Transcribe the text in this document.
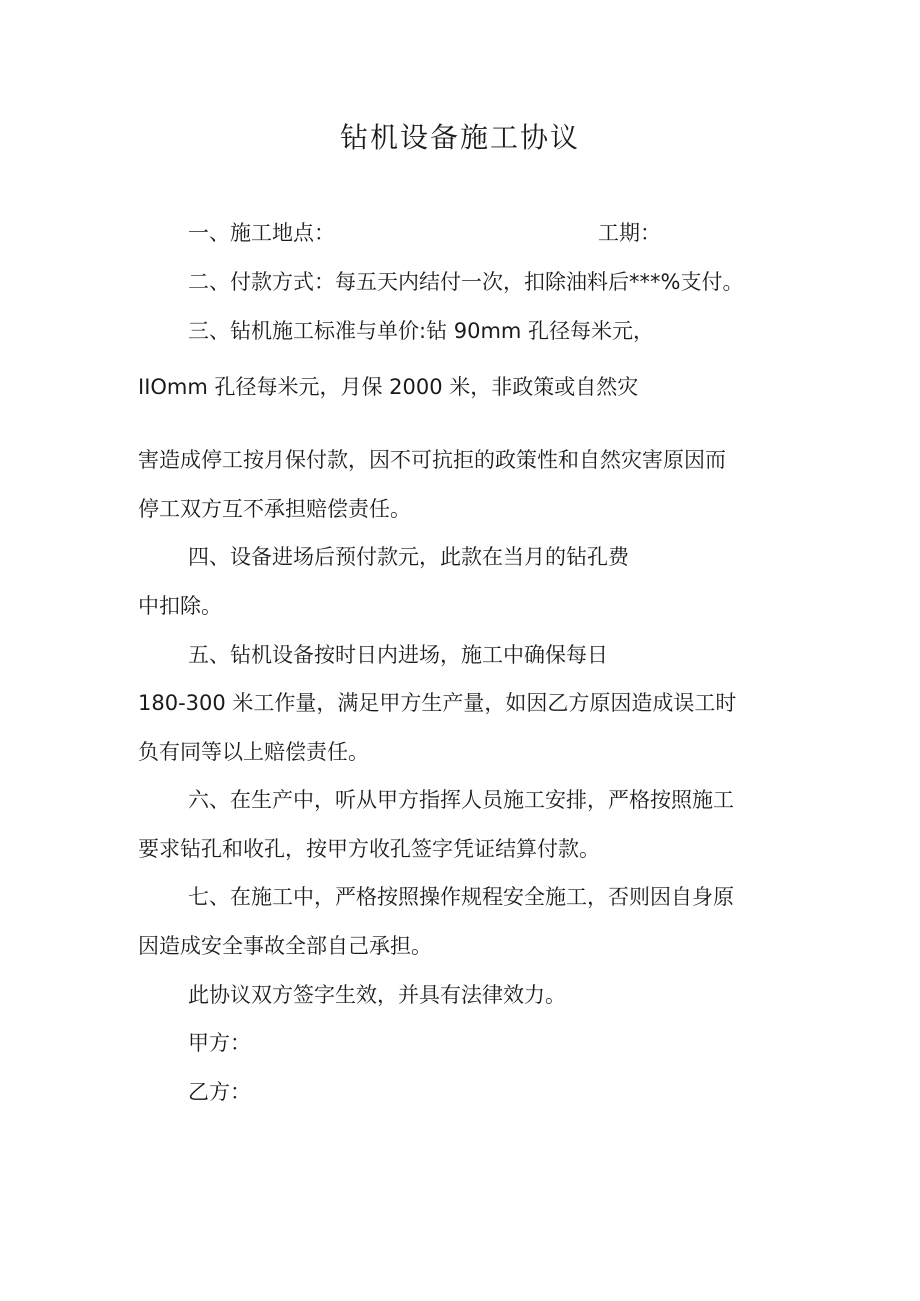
钻机设备施工协议

一、施工地点：	工期：

二、付款方式：每五天内结付一次，扣除油料后***%支付。

三、钻机施工标准与单价:钻 90mm 孔径每米元，

IIOmm 孔径每米元，月保 2000 米，非政策或自然灾

害造成停工按月保付款，因不可抗拒的政策性和自然灾害原因而

停工双方互不承担赔偿责任。

四、设备进场后预付款元，此款在当月的钻孔费

中扣除。

五、钻机设备按时日内进场，施工中确保每日

180-300 米工作量，满足甲方生产量，如因乙方原因造成误工时

负有同等以上赔偿责任。

六、在生产中，听从甲方指挥人员施工安排，严格按照施工

要求钻孔和收孔，按甲方收孔签字凭证结算付款。

七、在施工中，严格按照操作规程安全施工，否则因自身原

因造成安全事故全部自己承担。

此协议双方签字生效，并具有法律效力。

甲方：

乙方：
